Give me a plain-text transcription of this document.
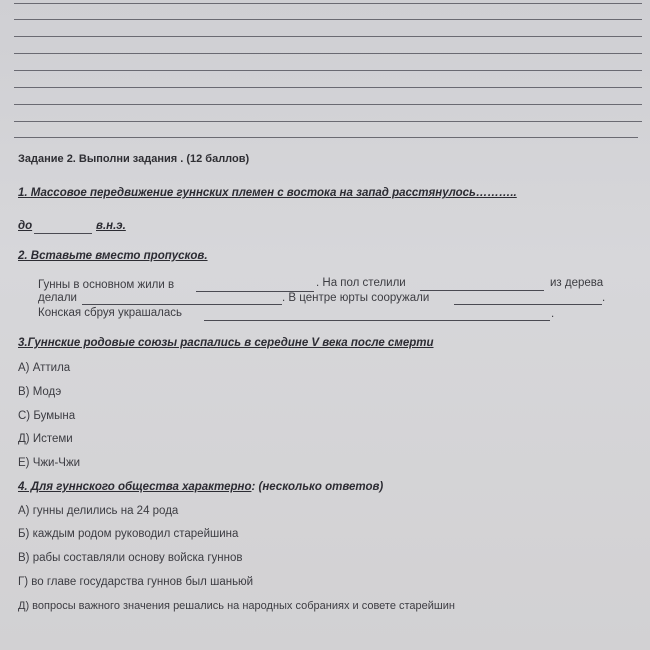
Задание 2. Выполни задания . (12 баллов)
1. Массовое передвижение гуннских племен с востока на запад расстянулось………..
до	в.н.э.
2. Вставьте вместо пропусков.
Гунны в основном жили в	. На пол стелили	из дерева
делали	. В центре юрты сооружали	.
Конская сбруя украшалась	.
3.Гуннские родовые союзы распались в середине V века после смерти
А) Аттила
В) Модэ
С) Бумына
Д) Истеми
Е) Чжи-Чжи
4. Для гуннского общества характерно: (несколько ответов)
А) гунны делились на 24 рода
Б) каждым родом руководил старейшина
В) рабы составляли основу войска гуннов
Г) во главе государства гуннов был шаньюй
Д) вопросы важного значения решались на народных собраниях и совете старейшин
